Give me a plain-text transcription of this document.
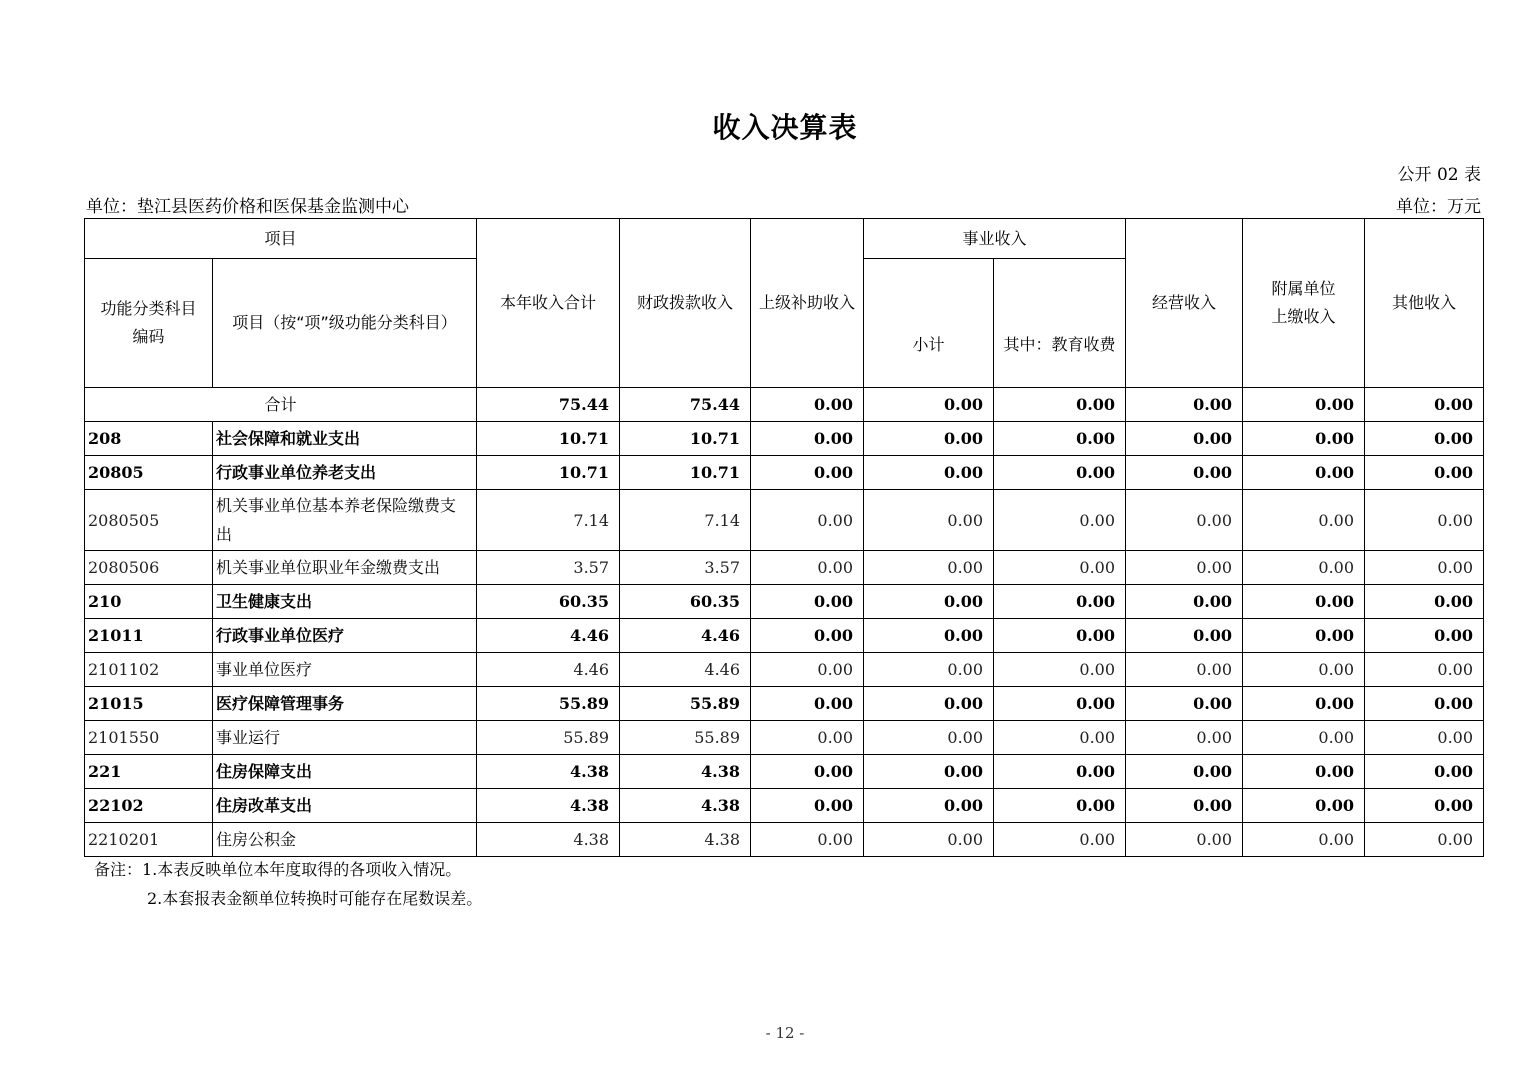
收入决算表
公开 02 表
单位：垫江县医药价格和医保基金监测中心	单位：万元
项目		本年收入合计	财政拨款收入	上级补助收入	事业收入		经营收入	附属单位上缴收入	其他收入
功能分类科目编码	项目（按“项”级功能分类科目）				小计	其中：教育收费			
合计		75.44	75.44	0.00	0.00	0.00	0.00	0.00	0.00
208	社会保障和就业支出	10.71	10.71	0.00	0.00	0.00	0.00	0.00	0.00
20805	行政事业单位养老支出	10.71	10.71	0.00	0.00	0.00	0.00	0.00	0.00
2080505	机关事业单位基本养老保险缴费支出	7.14	7.14	0.00	0.00	0.00	0.00	0.00	0.00
2080506	机关事业单位职业年金缴费支出	3.57	3.57	0.00	0.00	0.00	0.00	0.00	0.00
210	卫生健康支出	60.35	60.35	0.00	0.00	0.00	0.00	0.00	0.00
21011	行政事业单位医疗	4.46	4.46	0.00	0.00	0.00	0.00	0.00	0.00
2101102	事业单位医疗	4.46	4.46	0.00	0.00	0.00	0.00	0.00	0.00
21015	医疗保障管理事务	55.89	55.89	0.00	0.00	0.00	0.00	0.00	0.00
2101550	事业运行	55.89	55.89	0.00	0.00	0.00	0.00	0.00	0.00
221	住房保障支出	4.38	4.38	0.00	0.00	0.00	0.00	0.00	0.00
22102	住房改革支出	4.38	4.38	0.00	0.00	0.00	0.00	0.00	0.00
2210201	住房公积金	4.38	4.38	0.00	0.00	0.00	0.00	0.00	0.00
备注：1.本表反映单位本年度取得的各项收入情况。
2.本套报表金额单位转换时可能存在尾数误差。
- 12 -
